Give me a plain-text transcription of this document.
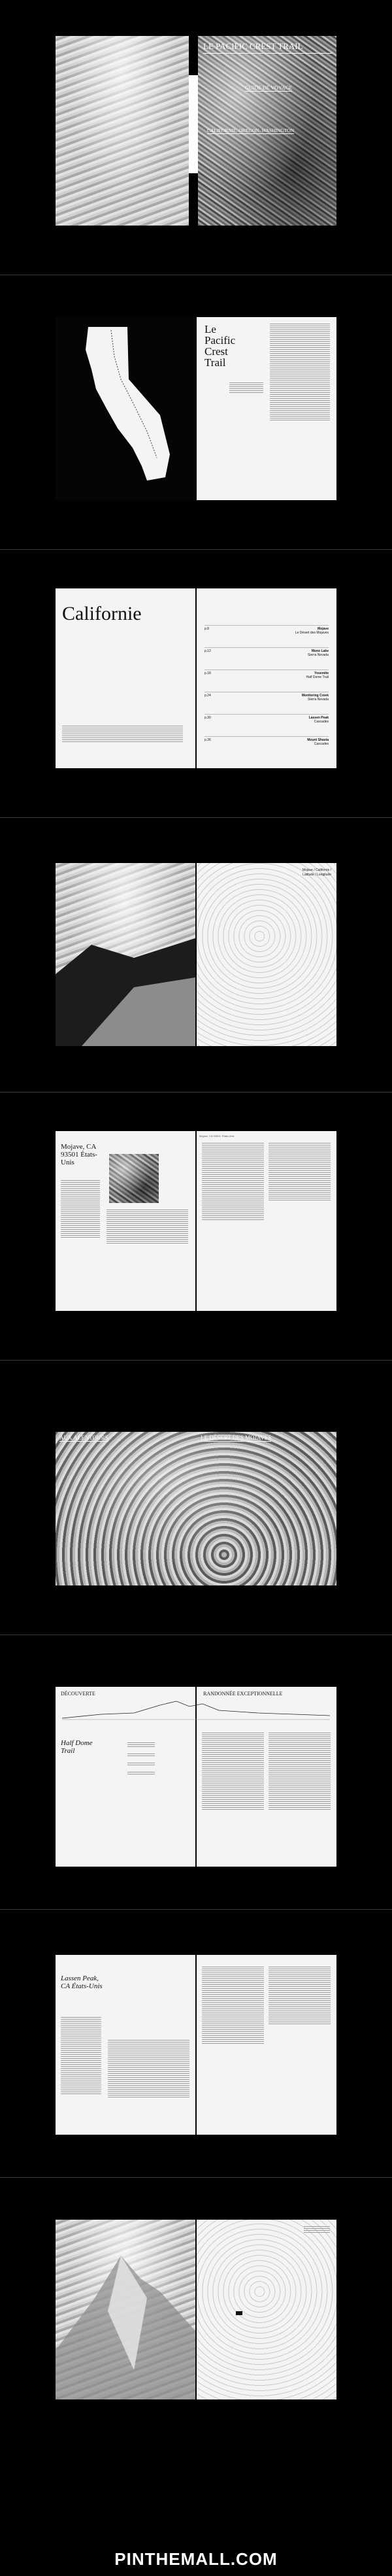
LE PACIFIC CREST TRAIL
GUIDE DE VOYAGE
CALIFORNIE, OREGON, WASHINGTON
Le
Pacific
Crest
Trail
Californie
p.8	Mojave
Le Désert des Mojaves
p.12	Mono Lake
Sierra Nevada
p.18	Yosemite
Half Dome Trail
p.24	Monitoring Creek
Sierra Nevada
p.30	Lassen Peak
Cascades
p.36	Mount Shasta
Cascades
Mojave / Californie / Latitude / Longitude
Mojave, CA 93501 États-Unis
Mojave, CA 93501, États-Unis
AUX ALENTOURS	LE DÉSERT DES MOJAVES
DÉCOUVERTE
Half Dome Trail
RANDONNÉE EXCEPTIONNELLE
Lassen Peak, CA États-Unis
PINTHEMALL.COM
